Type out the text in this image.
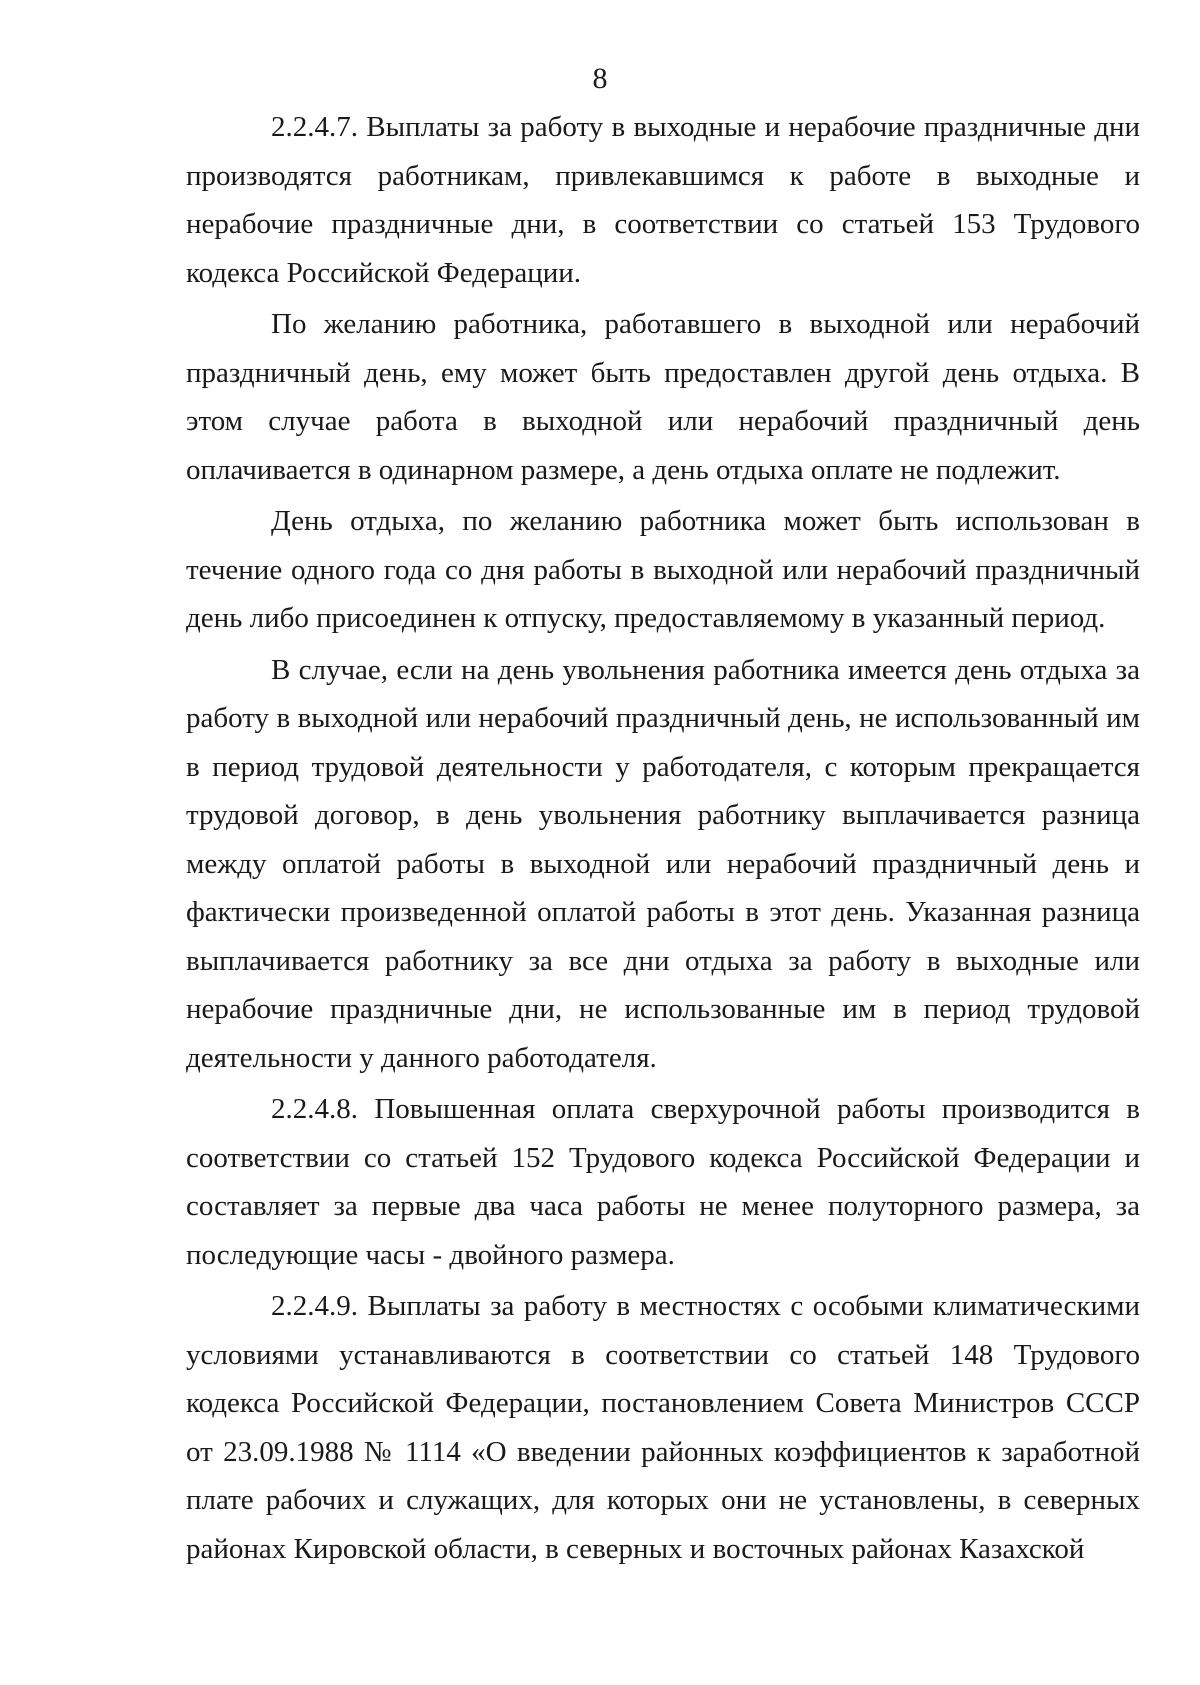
8

2.2.4.7. Выплаты за работу в выходные и нерабочие праздничные дни производятся работникам, привлекавшимся к работе в выходные и нерабочие праздничные дни, в соответствии со статьей 153 Трудового кодекса Российской Федерации.

По желанию работника, работавшего в выходной или нерабочий праздничный день, ему может быть предоставлен другой день отдыха. В этом случае работа в выходной или нерабочий праздничный день оплачивается в одинарном размере, а день отдыха оплате не подлежит.

День отдыха, по желанию работника может быть использован в течение одного года со дня работы в выходной или нерабочий праздничный день либо присоединен к отпуску, предоставляемому в указанный период.

В случае, если на день увольнения работника имеется день отдыха за работу в выходной или нерабочий праздничный день, не использованный им в период трудовой деятельности у работодателя, с которым прекращается трудовой договор, в день увольнения работнику выплачивается разница между оплатой работы в выходной или нерабочий праздничный день и фактически произведенной оплатой работы в этот день. Указанная разница выплачивается работнику за все дни отдыха за работу в выходные или нерабочие праздничные дни, не использованные им в период трудовой деятельности у данного работодателя.

2.2.4.8. Повышенная оплата сверхурочной работы производится в соответствии со статьей 152 Трудового кодекса Российской Федерации и составляет за первые два часа работы не менее полуторного размера, за последующие часы - двойного размера.

2.2.4.9. Выплаты за работу в местностях с особыми климатическими условиями устанавливаются в соответствии со статьей 148 Трудового кодекса Российской Федерации, постановлением Совета Министров СССР от 23.09.1988 № 1114 «О введении районных коэффициентов к заработной плате рабочих и служащих, для которых они не установлены, в северных районах Кировской области, в северных и восточных районах Казахской
